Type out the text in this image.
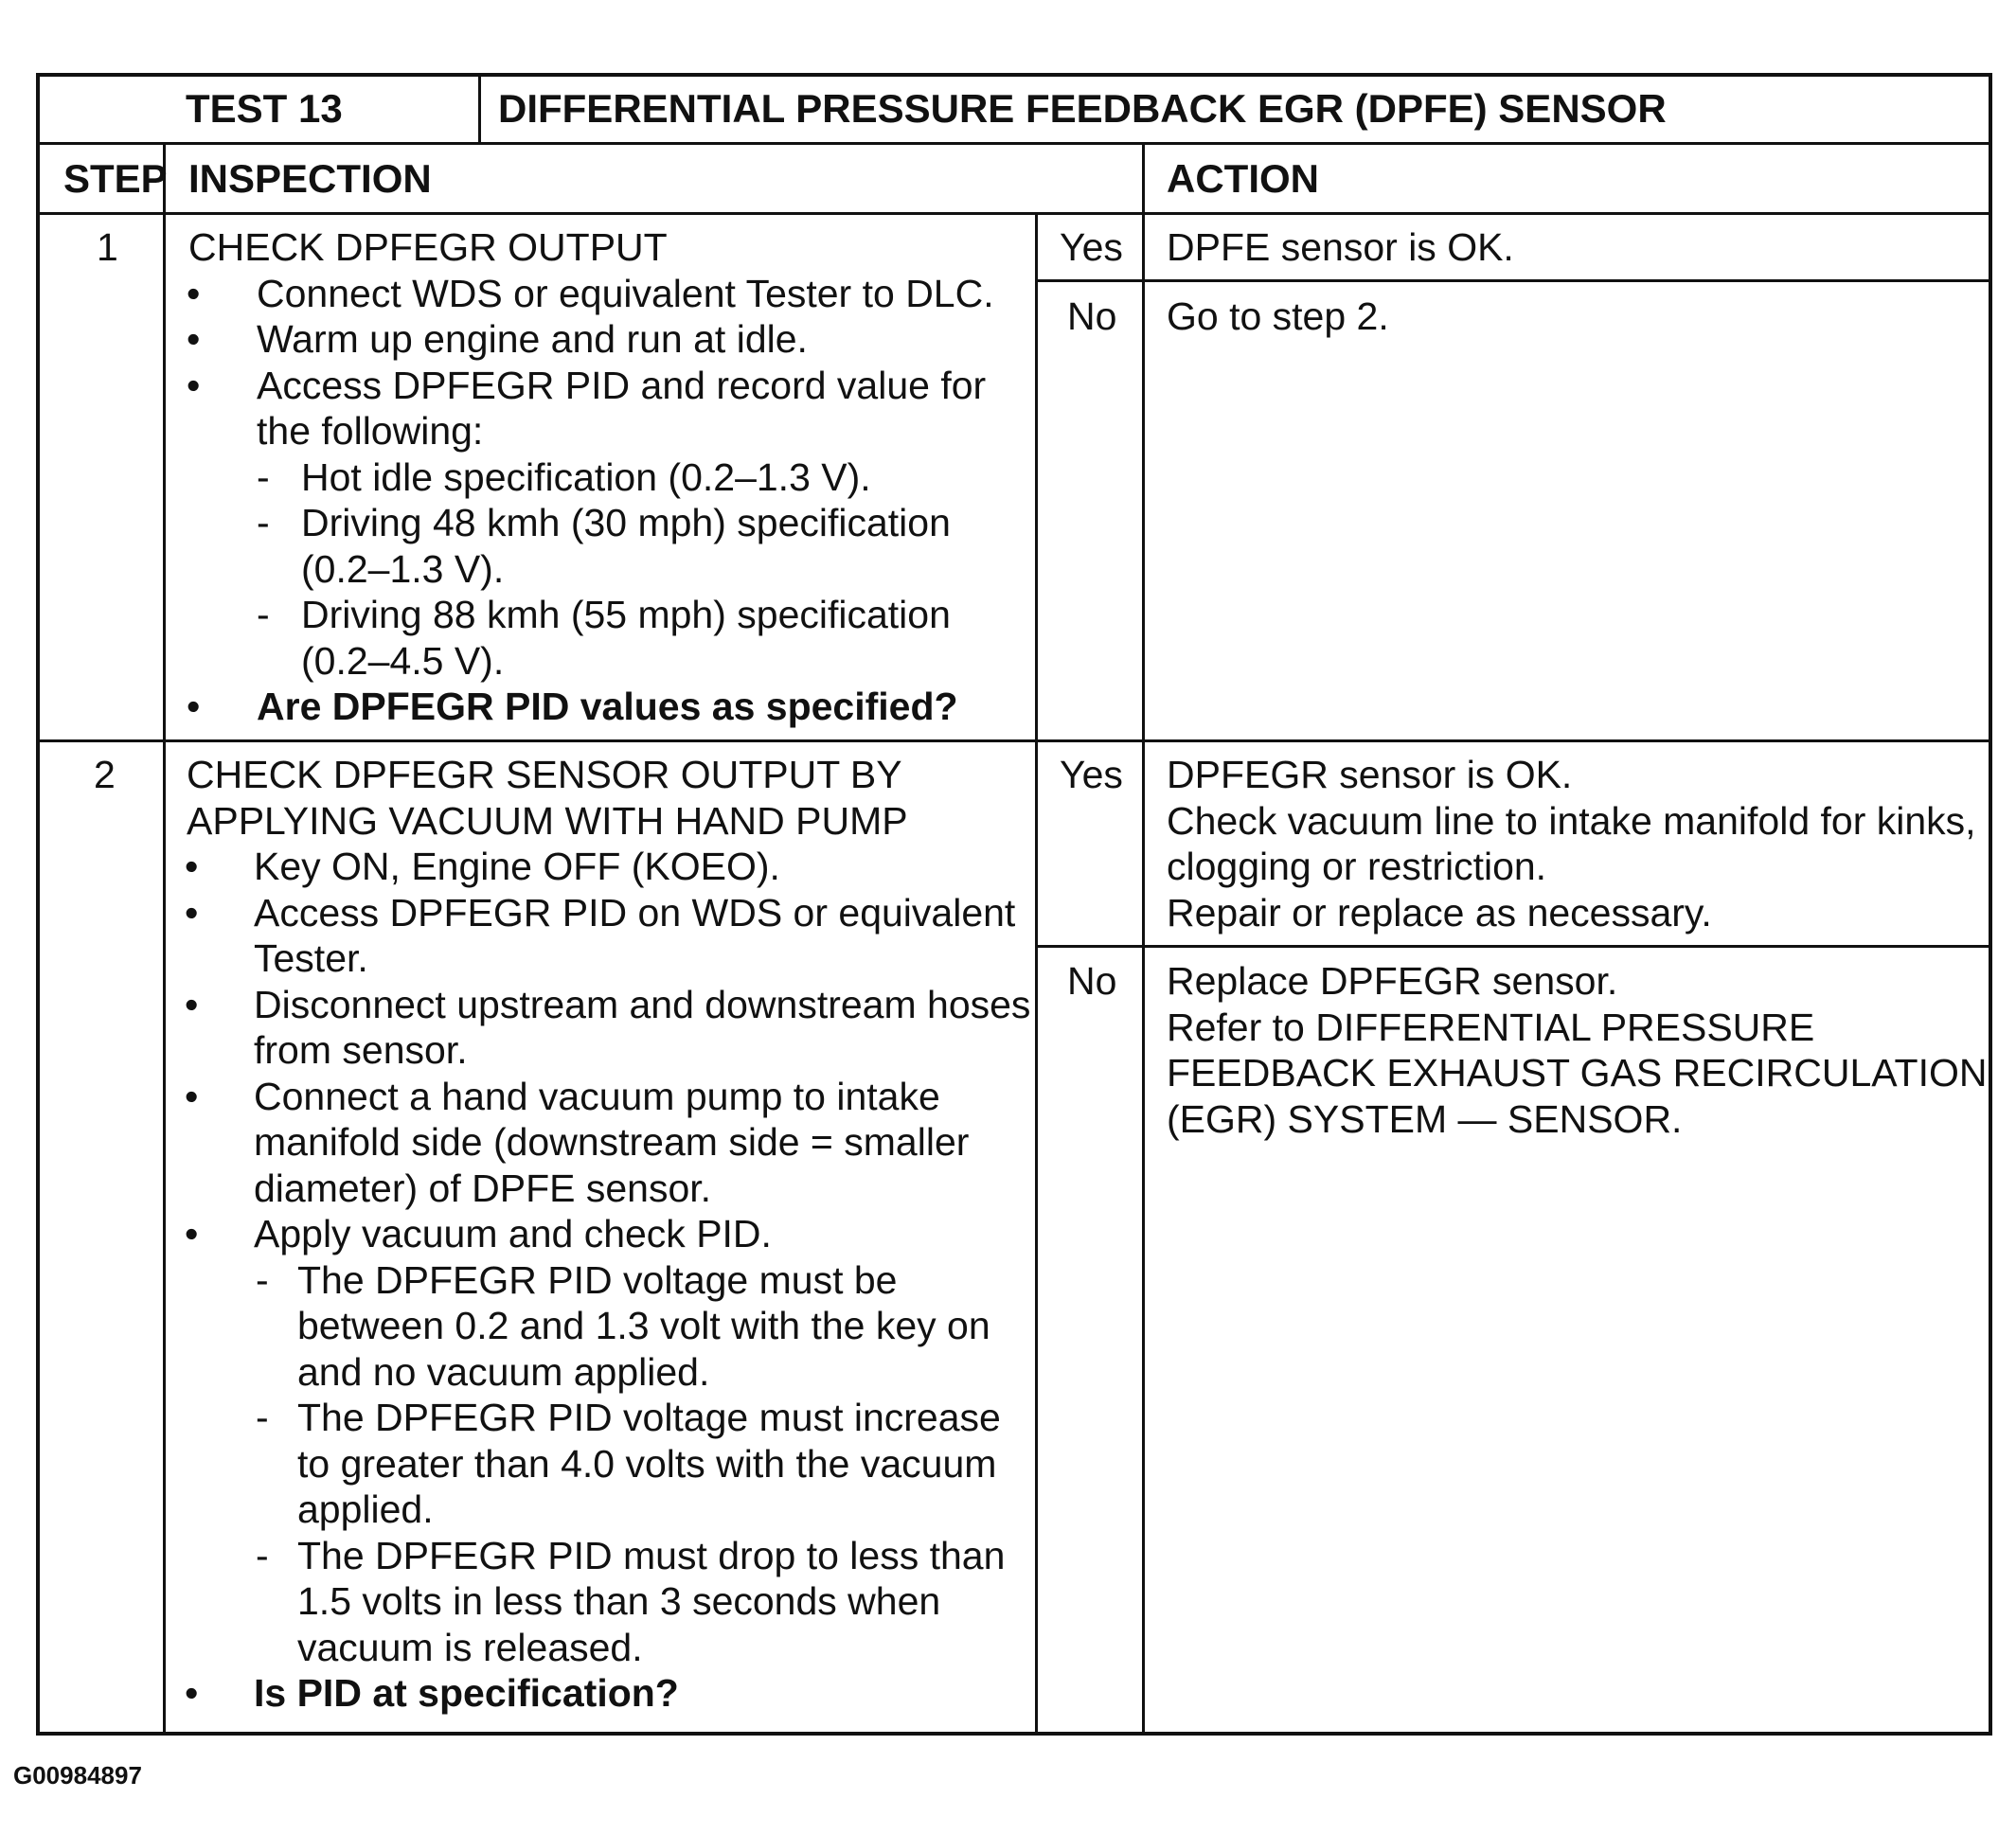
TEST 13	DIFFERENTIAL PRESSURE FEEDBACK EGR (DPFE) SENSOR
STEP INSPECTION	ACTION
1 CHECK DPFEGR OUTPUT
• Connect WDS or equivalent Tester to DLC.
• Warm up engine and run at idle.
• Access DPFEGR PID and record value for
the following:
- Hot idle specification (0.2–1.3 V).
- Driving 48 kmh (30 mph) specification
(0.2–1.3 V).
- Driving 88 kmh (55 mph) specification
(0.2–4.5 V).
• Are DPFEGR PID values as specified?
Yes DPFE sensor is OK.
No Go to step 2.
2 CHECK DPFEGR SENSOR OUTPUT BY
APPLYING VACUUM WITH HAND PUMP
• Key ON, Engine OFF (KOEO).
• Access DPFEGR PID on WDS or equivalent
Tester.
• Disconnect upstream and downstream hoses
from sensor.
• Connect a hand vacuum pump to intake
manifold side (downstream side = smaller
diameter) of DPFE sensor.
• Apply vacuum and check PID.
- The DPFEGR PID voltage must be
between 0.2 and 1.3 volt with the key on
and no vacuum applied.
- The DPFEGR PID voltage must increase
to greater than 4.0 volts with the vacuum
applied.
- The DPFEGR PID must drop to less than
1.5 volts in less than 3 seconds when
vacuum is released.
• Is PID at specification?
Yes DPFEGR sensor is OK.
Check vacuum line to intake manifold for kinks,
clogging or restriction.
Repair or replace as necessary.
No Replace DPFEGR sensor.
Refer to DIFFERENTIAL PRESSURE
FEEDBACK EXHAUST GAS RECIRCULATION
(EGR) SYSTEM — SENSOR.
G00984897
